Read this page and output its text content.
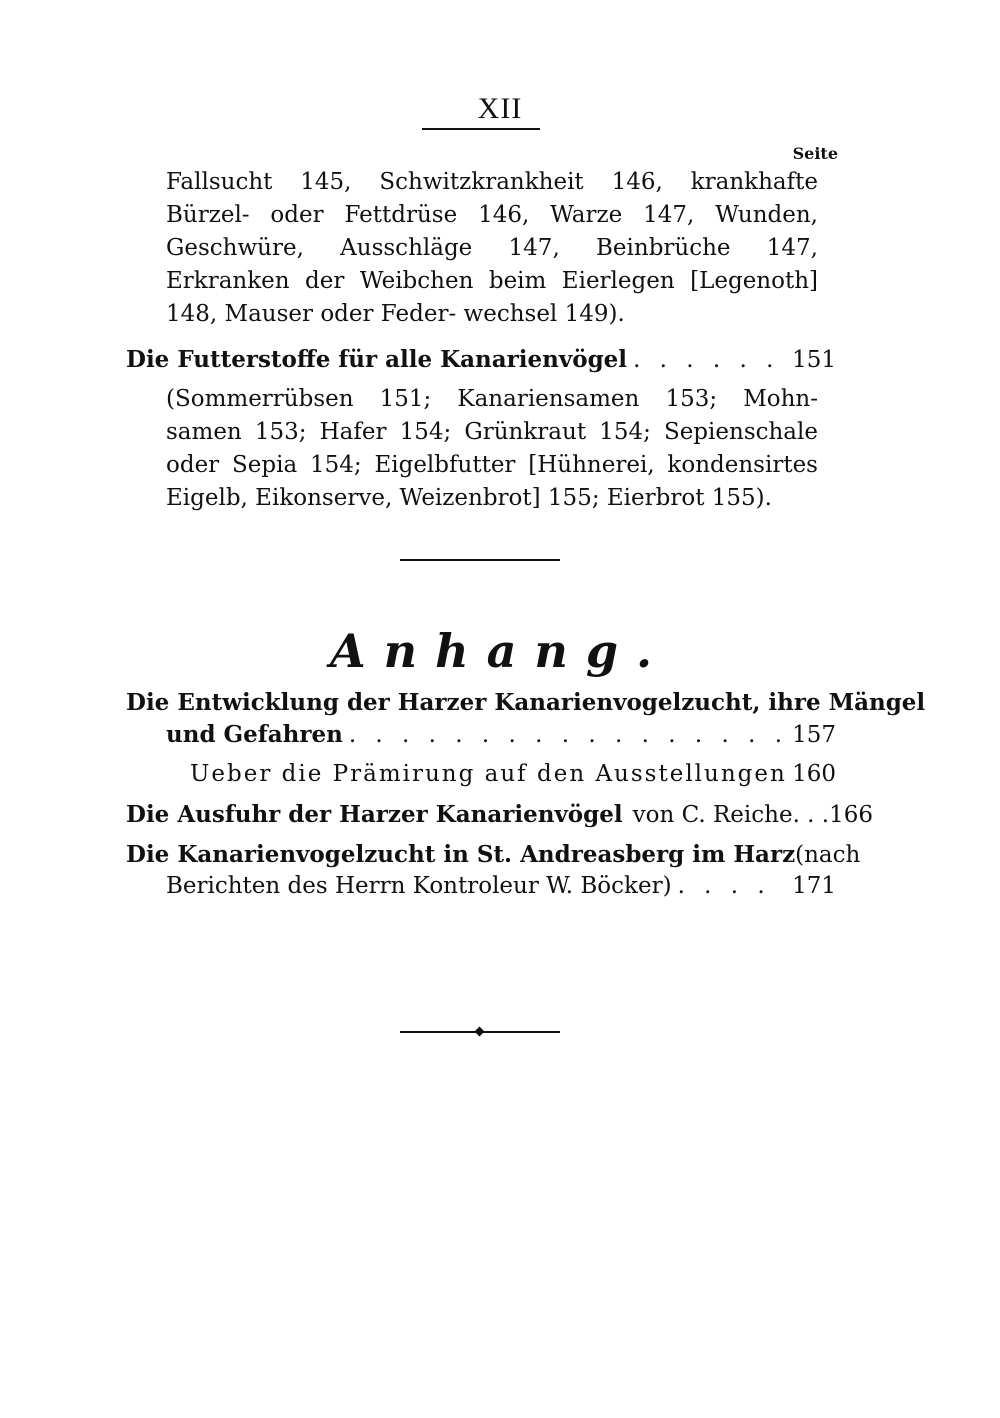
XII
Seite
Fallsucht 145, Schwitzkrankheit 146, krankhafte Bürzel- oder Fettdrüse 146, Warze 147, Wunden, Geschwüre, Ausschläge 147, Beinbrüche 147, Erkranken der Weibchen beim Eierlegen [Legenoth] 148, Mauser oder Feder- wechsel 149).
Die Futterstoffe für alle Kanarienvögel . . .	151
(Sommerrübsen 151; Kanariensamen 153; Mohn- samen 153; Hafer 154; Grünkraut 154; Sepienschale oder Sepia 154; Eigelbfutter [Hühnerei, kondensirtes Eigelb, Eikonserve, Weizenbrot] 155; Eierbrot 155).
Anhang.
Die Entwicklung der Harzer Kanarienvogelzucht, ihre Mängel
und Gefahren . . .	157
Ueber die Prämirung auf den Ausstellungen 160
Die Ausfuhr der Harzer Kanarienvögel von C. Reiche. . . 166
Die Kanarienvogelzucht in St. Andreasberg im Harz (nach
Berichten des Herrn Kontroleur W. Böcker) . . .	171
